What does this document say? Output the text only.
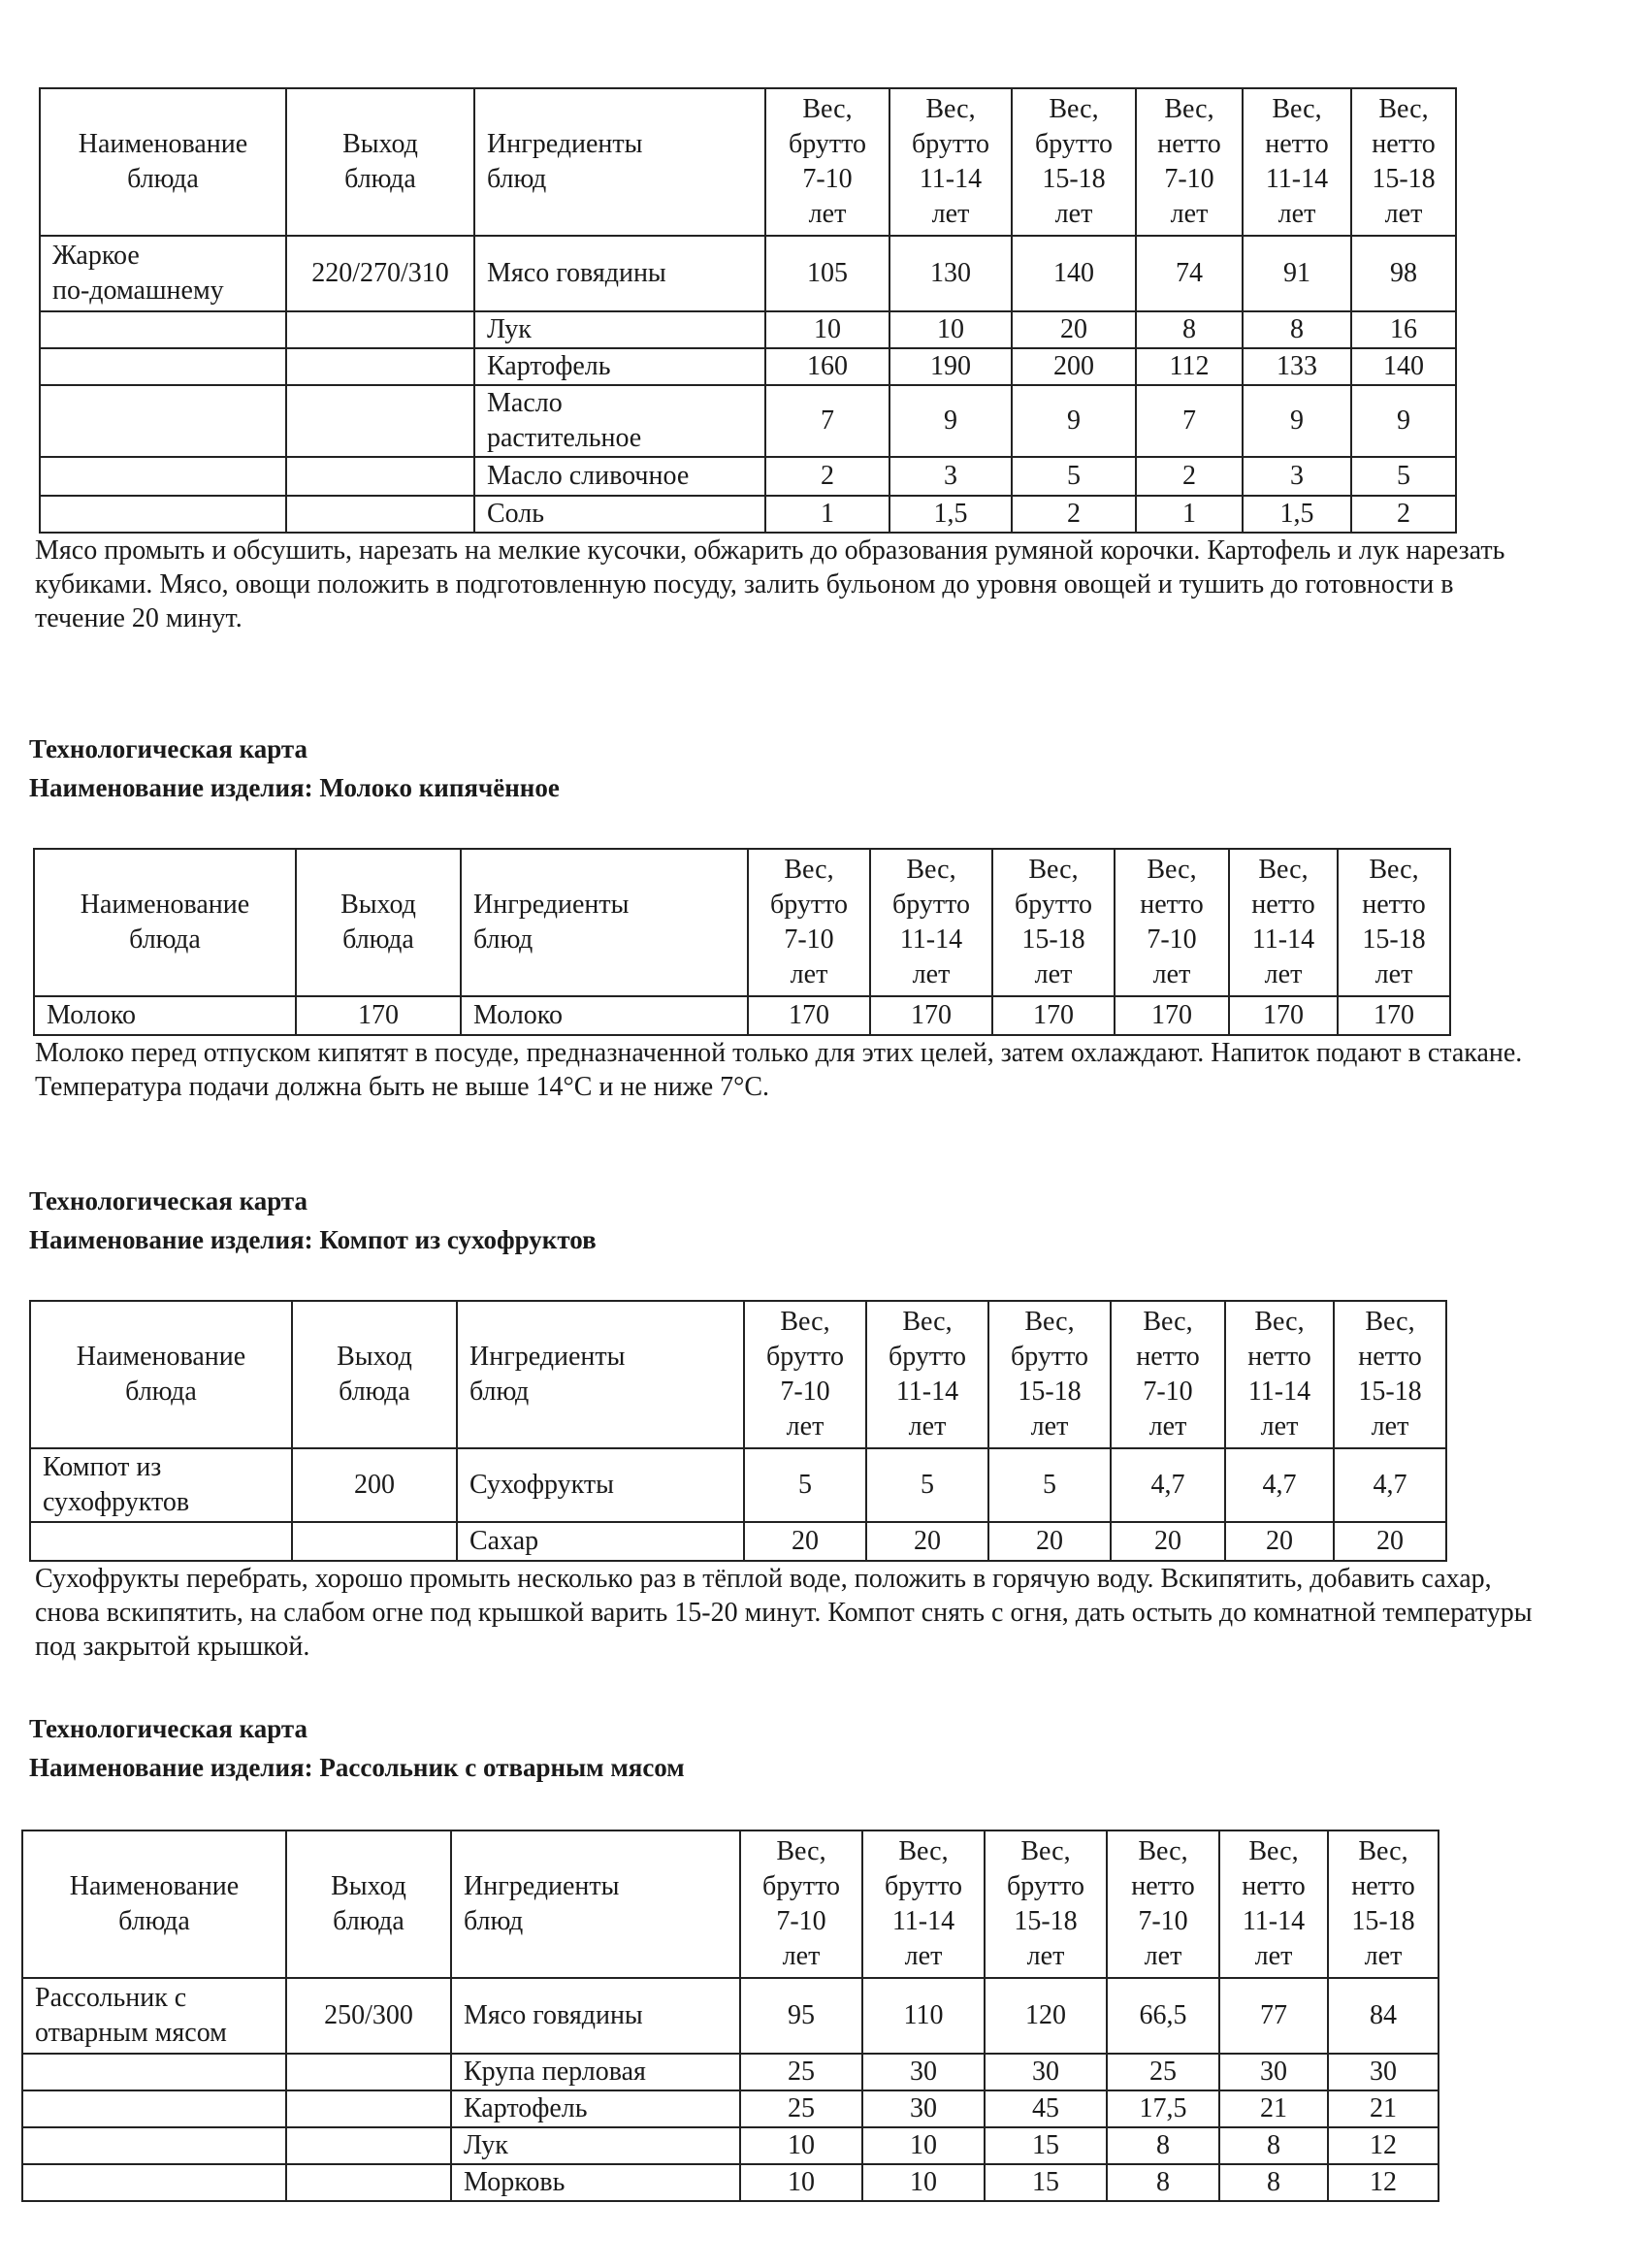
Наименование
блюда	Выход
блюда	Ингредиенты
блюд	Вес,
брутто
7-10
лет	Вес,
брутто
11-14
лет	Вес,
брутто
15-18
лет	Вес,
нетто
7-10
лет	Вес,
нетто
11-14
лет	Вес,
нетто
15-18
лет
Жаркое
по-домашнему	220/270/310	Мясо говядины	105	130	140	74	91	98
		Лук	10	10	20	8	8	16
		Картофель	160	190	200	112	133	140
		Масло
растительное	7	9	9	7	9	9
		Масло сливочное	2	3	5	2	3	5
		Соль	1	1,5	2	1	1,5	2
Мясо промыть и обсушить, нарезать на мелкие кусочки, обжарить до образования румяной корочки. Картофель и лук нарезать кубиками. Мясо, овощи положить в подготовленную посуду, залить бульоном до уровня овощей и тушить до готовности в течение 20 минут.
Технологическая карта
Наименование изделия: Молоко кипячённое
Наименование
блюда	Выход
блюда	Ингредиенты
блюд	Вес,
брутто
7-10
лет	Вес,
брутто
11-14
лет	Вес,
брутто
15-18
лет	Вес,
нетто
7-10
лет	Вес,
нетто
11-14
лет	Вес,
нетто
15-18
лет
Молоко	170	Молоко	170	170	170	170	170	170
Молоко перед отпуском кипятят в посуде, предназначенной только для этих целей, затем охлаждают. Напиток подают в стакане. Температура подачи должна быть не выше 14°С и не ниже 7°С.
Технологическая карта
Наименование изделия: Компот из сухофруктов
Наименование
блюда	Выход
блюда	Ингредиенты
блюд	Вес,
брутто
7-10
лет	Вес,
брутто
11-14
лет	Вес,
брутто
15-18
лет	Вес,
нетто
7-10
лет	Вес,
нетто
11-14
лет	Вес,
нетто
15-18
лет
Компот из
сухофруктов	200	Сухофрукты	5	5	5	4,7	4,7	4,7
		Сахар	20	20	20	20	20	20
Сухофрукты перебрать, хорошо промыть несколько раз в тёплой воде, положить в горячую воду. Вскипятить, добавить сахар, снова вскипятить, на слабом огне под крышкой варить 15-20 минут. Компот снять с огня, дать остыть до комнатной температуры под закрытой крышкой.
Технологическая карта
Наименование изделия: Рассольник с отварным мясом
Наименование
блюда	Выход
блюда	Ингредиенты
блюд	Вес,
брутто
7-10
лет	Вес,
брутто
11-14
лет	Вес,
брутто
15-18
лет	Вес,
нетто
7-10
лет	Вес,
нетто
11-14
лет	Вес,
нетто
15-18
лет
Рассольник с
отварным мясом	250/300	Мясо говядины	95	110	120	66,5	77	84
		Крупа перловая	25	30	30	25	30	30
		Картофель	25	30	45	17,5	21	21
		Лук	10	10	15	8	8	12
		Морковь	10	10	15	8	8	12
